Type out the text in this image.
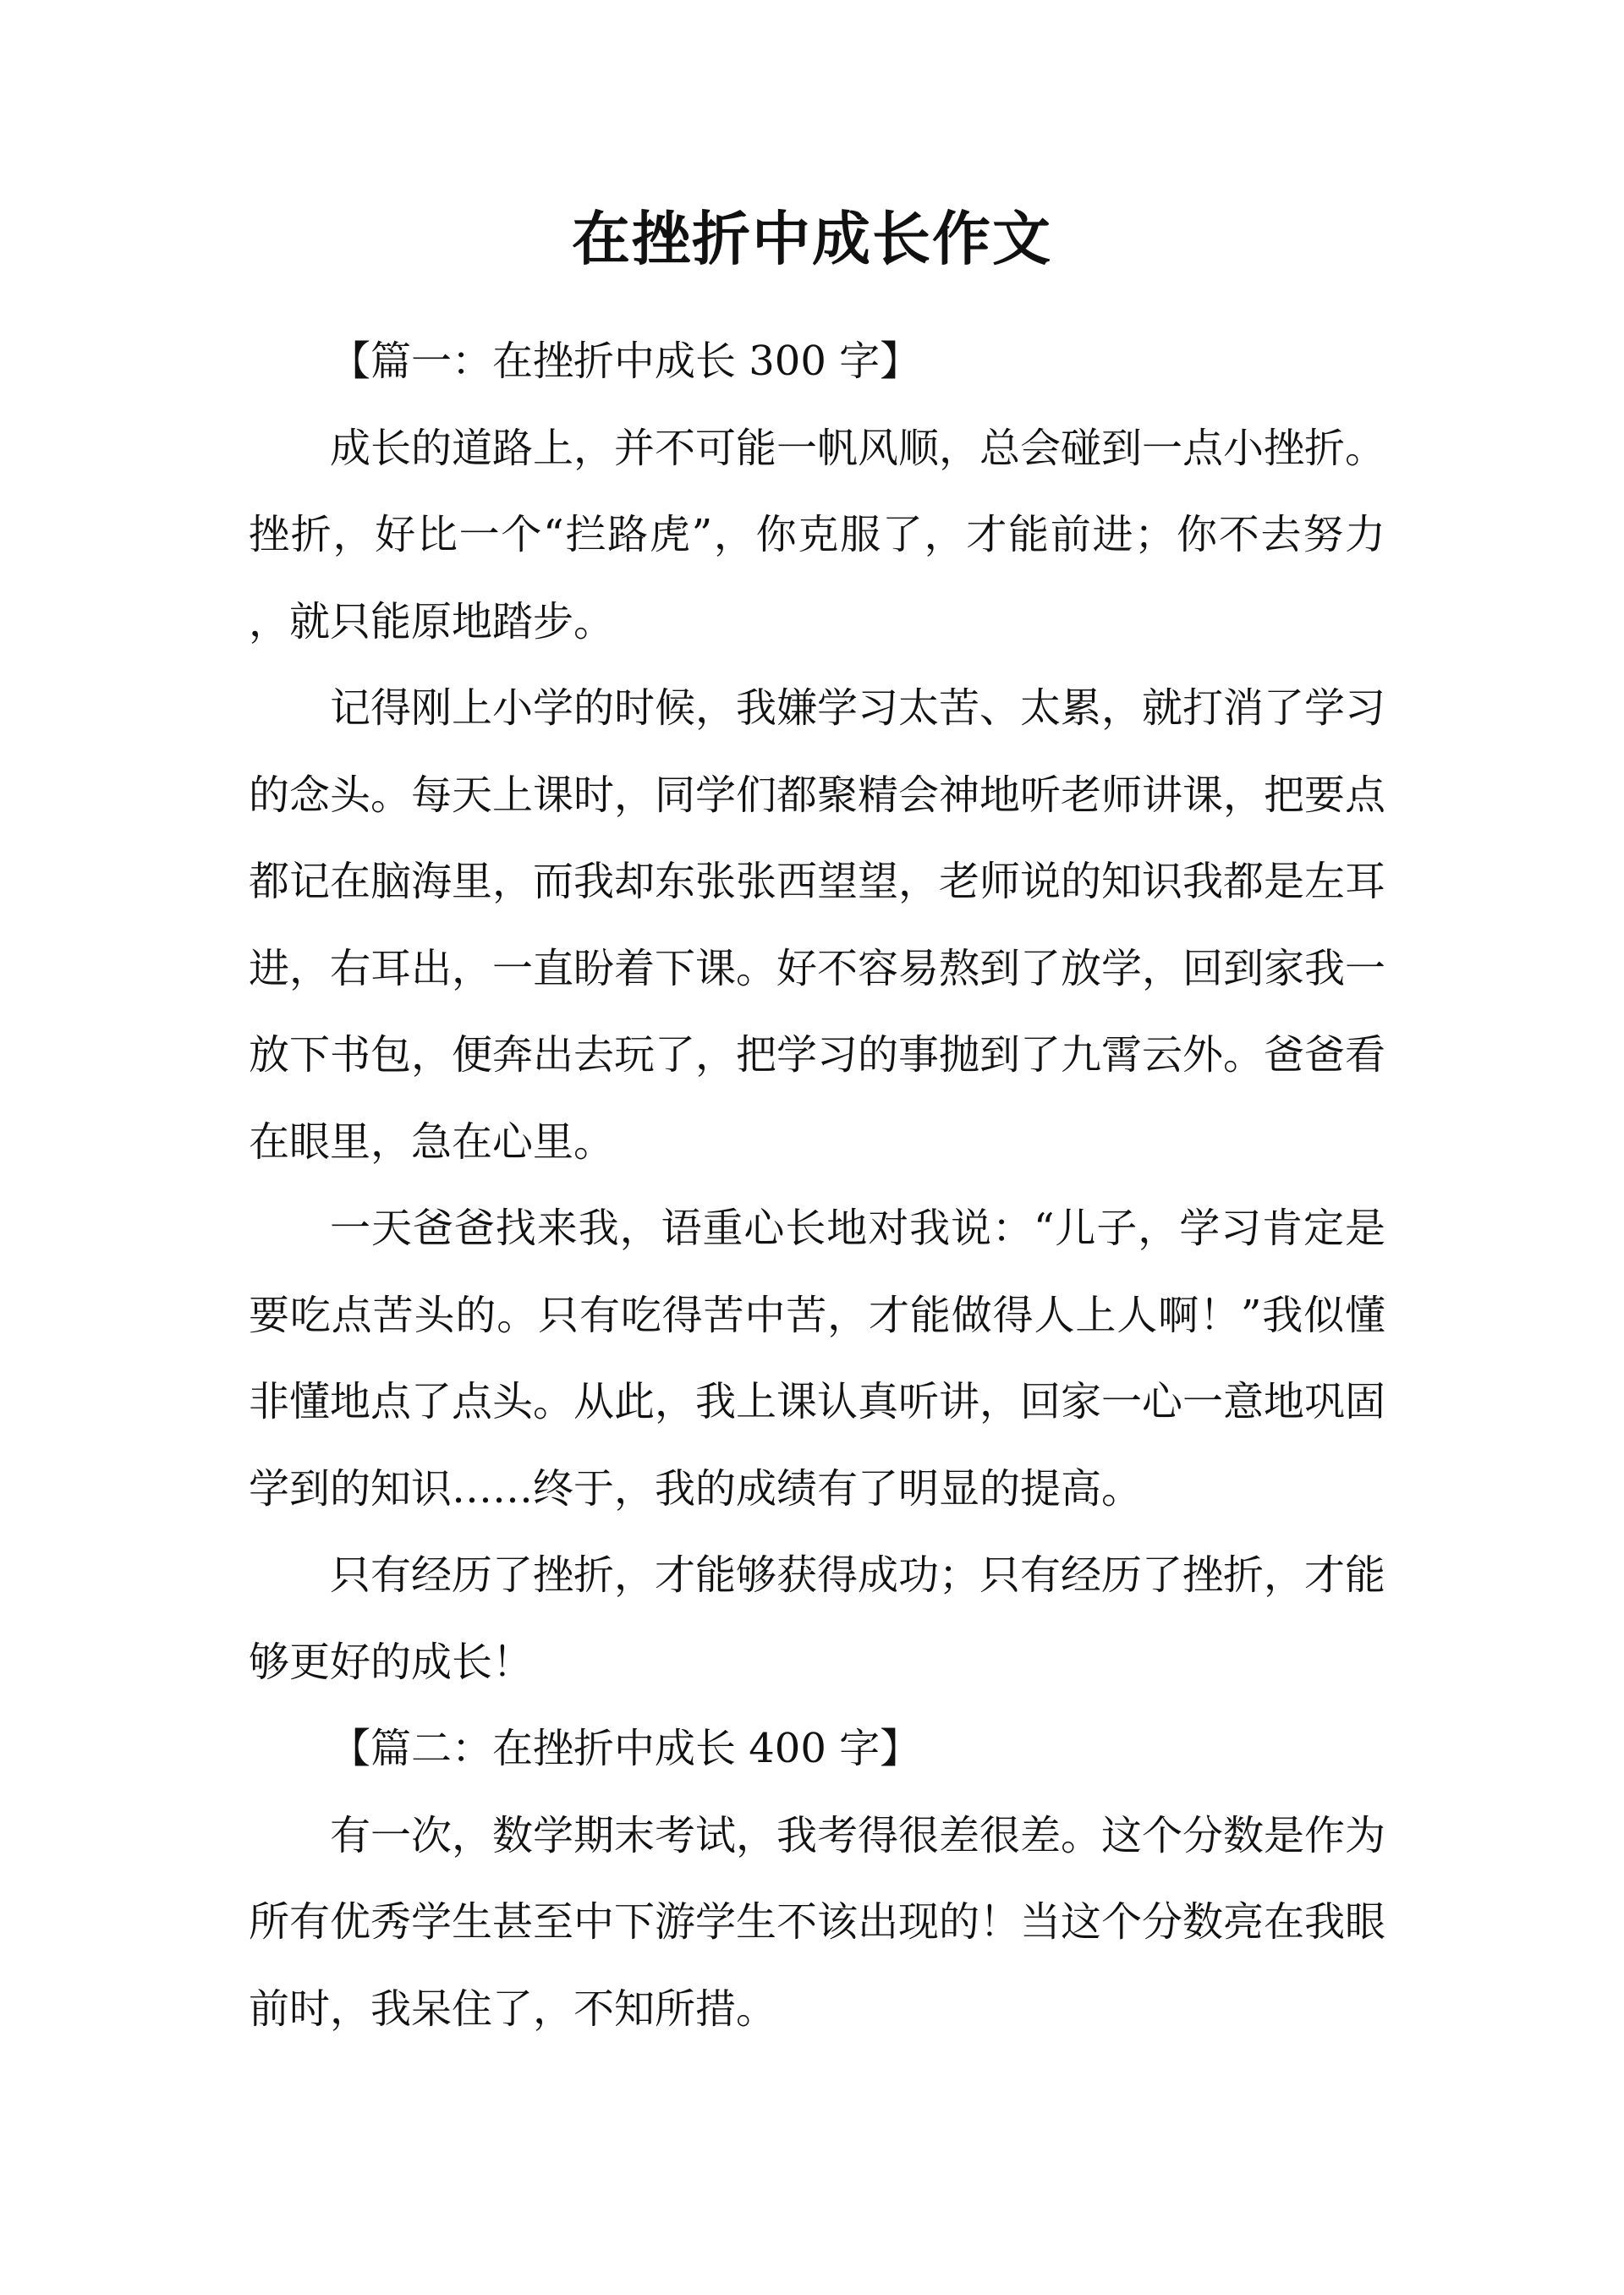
在挫折中成长作文
【篇一：在挫折中成长 300 字】

成长的道路上，并不可能一帆风顺，总会碰到一点小挫折。挫折，好比一个“拦路虎”，你克服了，才能前进；你不去努力，就只能原地踏步。

记得刚上小学的时候，我嫌学习太苦、太累，就打消了学习的念头。每天上课时，同学们都聚精会神地听老师讲课，把要点都记在脑海里，而我却东张张西望望，老师说的知识我都是左耳进，右耳出，一直盼着下课。好不容易熬到了放学，回到家我一放下书包，便奔出去玩了，把学习的事抛到了九霄云外。爸爸看在眼里，急在心里。

一天爸爸找来我，语重心长地对我说：“儿子，学习肯定是要吃点苦头的。只有吃得苦中苦，才能做得人上人啊！”我似懂非懂地点了点头。从此，我上课认真听讲，回家一心一意地巩固学到的知识……终于，我的成绩有了明显的提高。

只有经历了挫折，才能够获得成功；只有经历了挫折，才能够更好的成长！

【篇二：在挫折中成长 400 字】

有一次，数学期末考试，我考得很差很差。这个分数是作为所有优秀学生甚至中下游学生不该出现的！当这个分数亮在我眼前时，我呆住了，不知所措。
